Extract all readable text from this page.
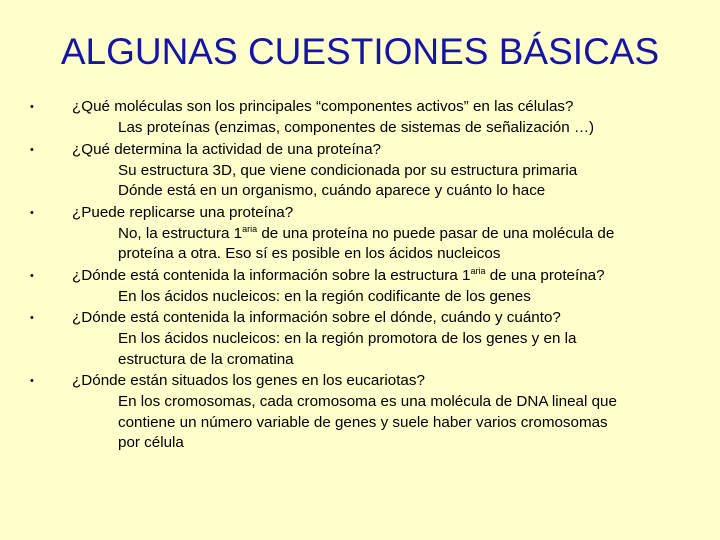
ALGUNAS CUESTIONES BÁSICAS
•	¿Qué moléculas son los principales “componentes activos” en las células?
Las proteínas (enzimas, componentes de sistemas de señalización …)
•	¿Qué determina la actividad de una proteína?
Su estructura 3D, que viene condicionada por su estructura primaria
Dónde está en un organismo, cuándo aparece y cuánto lo hace
•	¿Puede replicarse una proteína?
No, la estructura $1^{aria}$ de una proteína no puede pasar de una molécula de
proteína a otra. Eso sí es posible en los ácidos nucleicos
•	¿Dónde está contenida la información sobre la estructura $1^{aria}$ de una proteína?
En los ácidos nucleicos: en la región codificante de los genes
•	¿Dónde está contenida la información sobre el dónde, cuándo y cuánto?
En los ácidos nucleicos: en la región promotora de los genes y en la
estructura de la cromatina
•	¿Dónde están situados los genes en los eucariotas?
En los cromosomas, cada cromosoma es una molécula de DNA lineal que
contiene un número variable de genes y suele haber varios cromosomas
por célula
